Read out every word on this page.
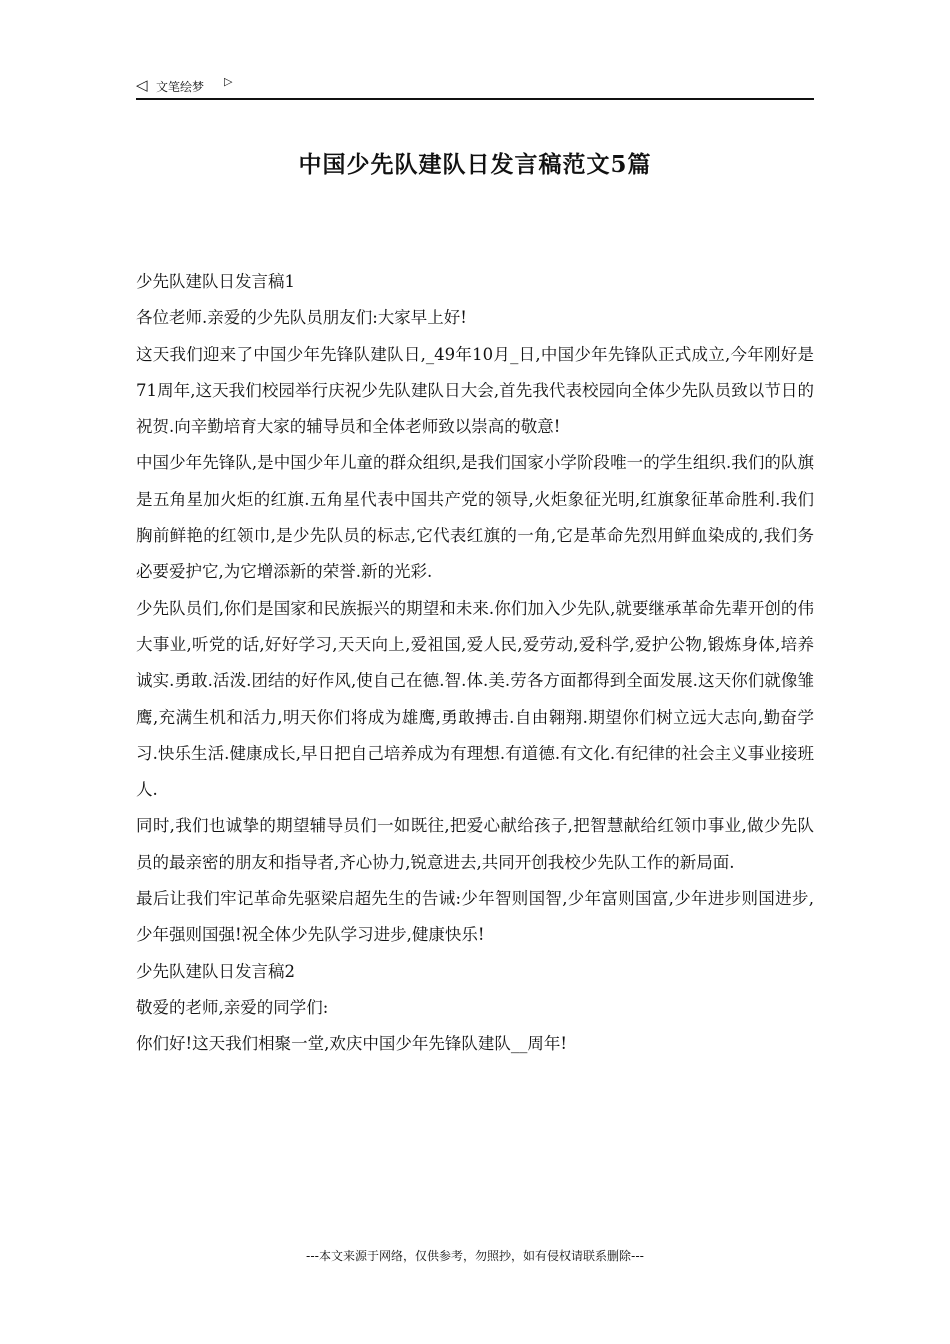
◁ 文笔绘梦 ▷
中国少先队建队日发言稿范文5篇

少先队建队日发言稿1

各位老师.亲爱的少先队员朋友们:大家早上好!

这天我们迎来了中国少年先锋队建队日,_49年10月_日,中国少年先锋队正式成立,今年刚好是71周年,这天我们校园举行庆祝少先队建队日大会,首先我代表校园向全体少先队员致以节日的祝贺.向辛勤培育大家的辅导员和全体老师致以崇高的敬意!

中国少年先锋队,是中国少年儿童的群众组织,是我们国家小学阶段唯一的学生组织.我们的队旗是五角星加火炬的红旗.五角星代表中国共产党的领导,火炬象征光明,红旗象征革命胜利.我们胸前鲜艳的红领巾,是少先队员的标志,它代表红旗的一角,它是革命先烈用鲜血染成的,我们务必要爱护它,为它增添新的荣誉.新的光彩.

少先队员们,你们是国家和民族振兴的期望和未来.你们加入少先队,就要继承革命先辈开创的伟大事业,听党的话,好好学习,天天向上,爱祖国,爱人民,爱劳动,爱科学,爱护公物,锻炼身体,培养诚实.勇敢.活泼.团结的好作风,使自己在德.智.体.美.劳各方面都得到全面发展.这天你们就像雏鹰,充满生机和活力,明天你们将成为雄鹰,勇敢搏击.自由翱翔.期望你们树立远大志向,勤奋学习.快乐生活.健康成长,早日把自己培养成为有理想.有道德.有文化.有纪律的社会主义事业接班人.

同时,我们也诚挚的期望辅导员们一如既往,把爱心献给孩子,把智慧献给红领巾事业,做少先队员的最亲密的朋友和指导者,齐心协力,锐意进去,共同开创我校少先队工作的新局面.

最后让我们牢记革命先驱梁启超先生的告诫:少年智则国智,少年富则国富,少年进步则国进步,少年强则国强!祝全体少先队学习进步,健康快乐!

少先队建队日发言稿2

敬爱的老师,亲爱的同学们:

你们好!这天我们相聚一堂,欢庆中国少年先锋队建队__周年!

---本文来源于网络，仅供参考，勿照抄，如有侵权请联系删除---
